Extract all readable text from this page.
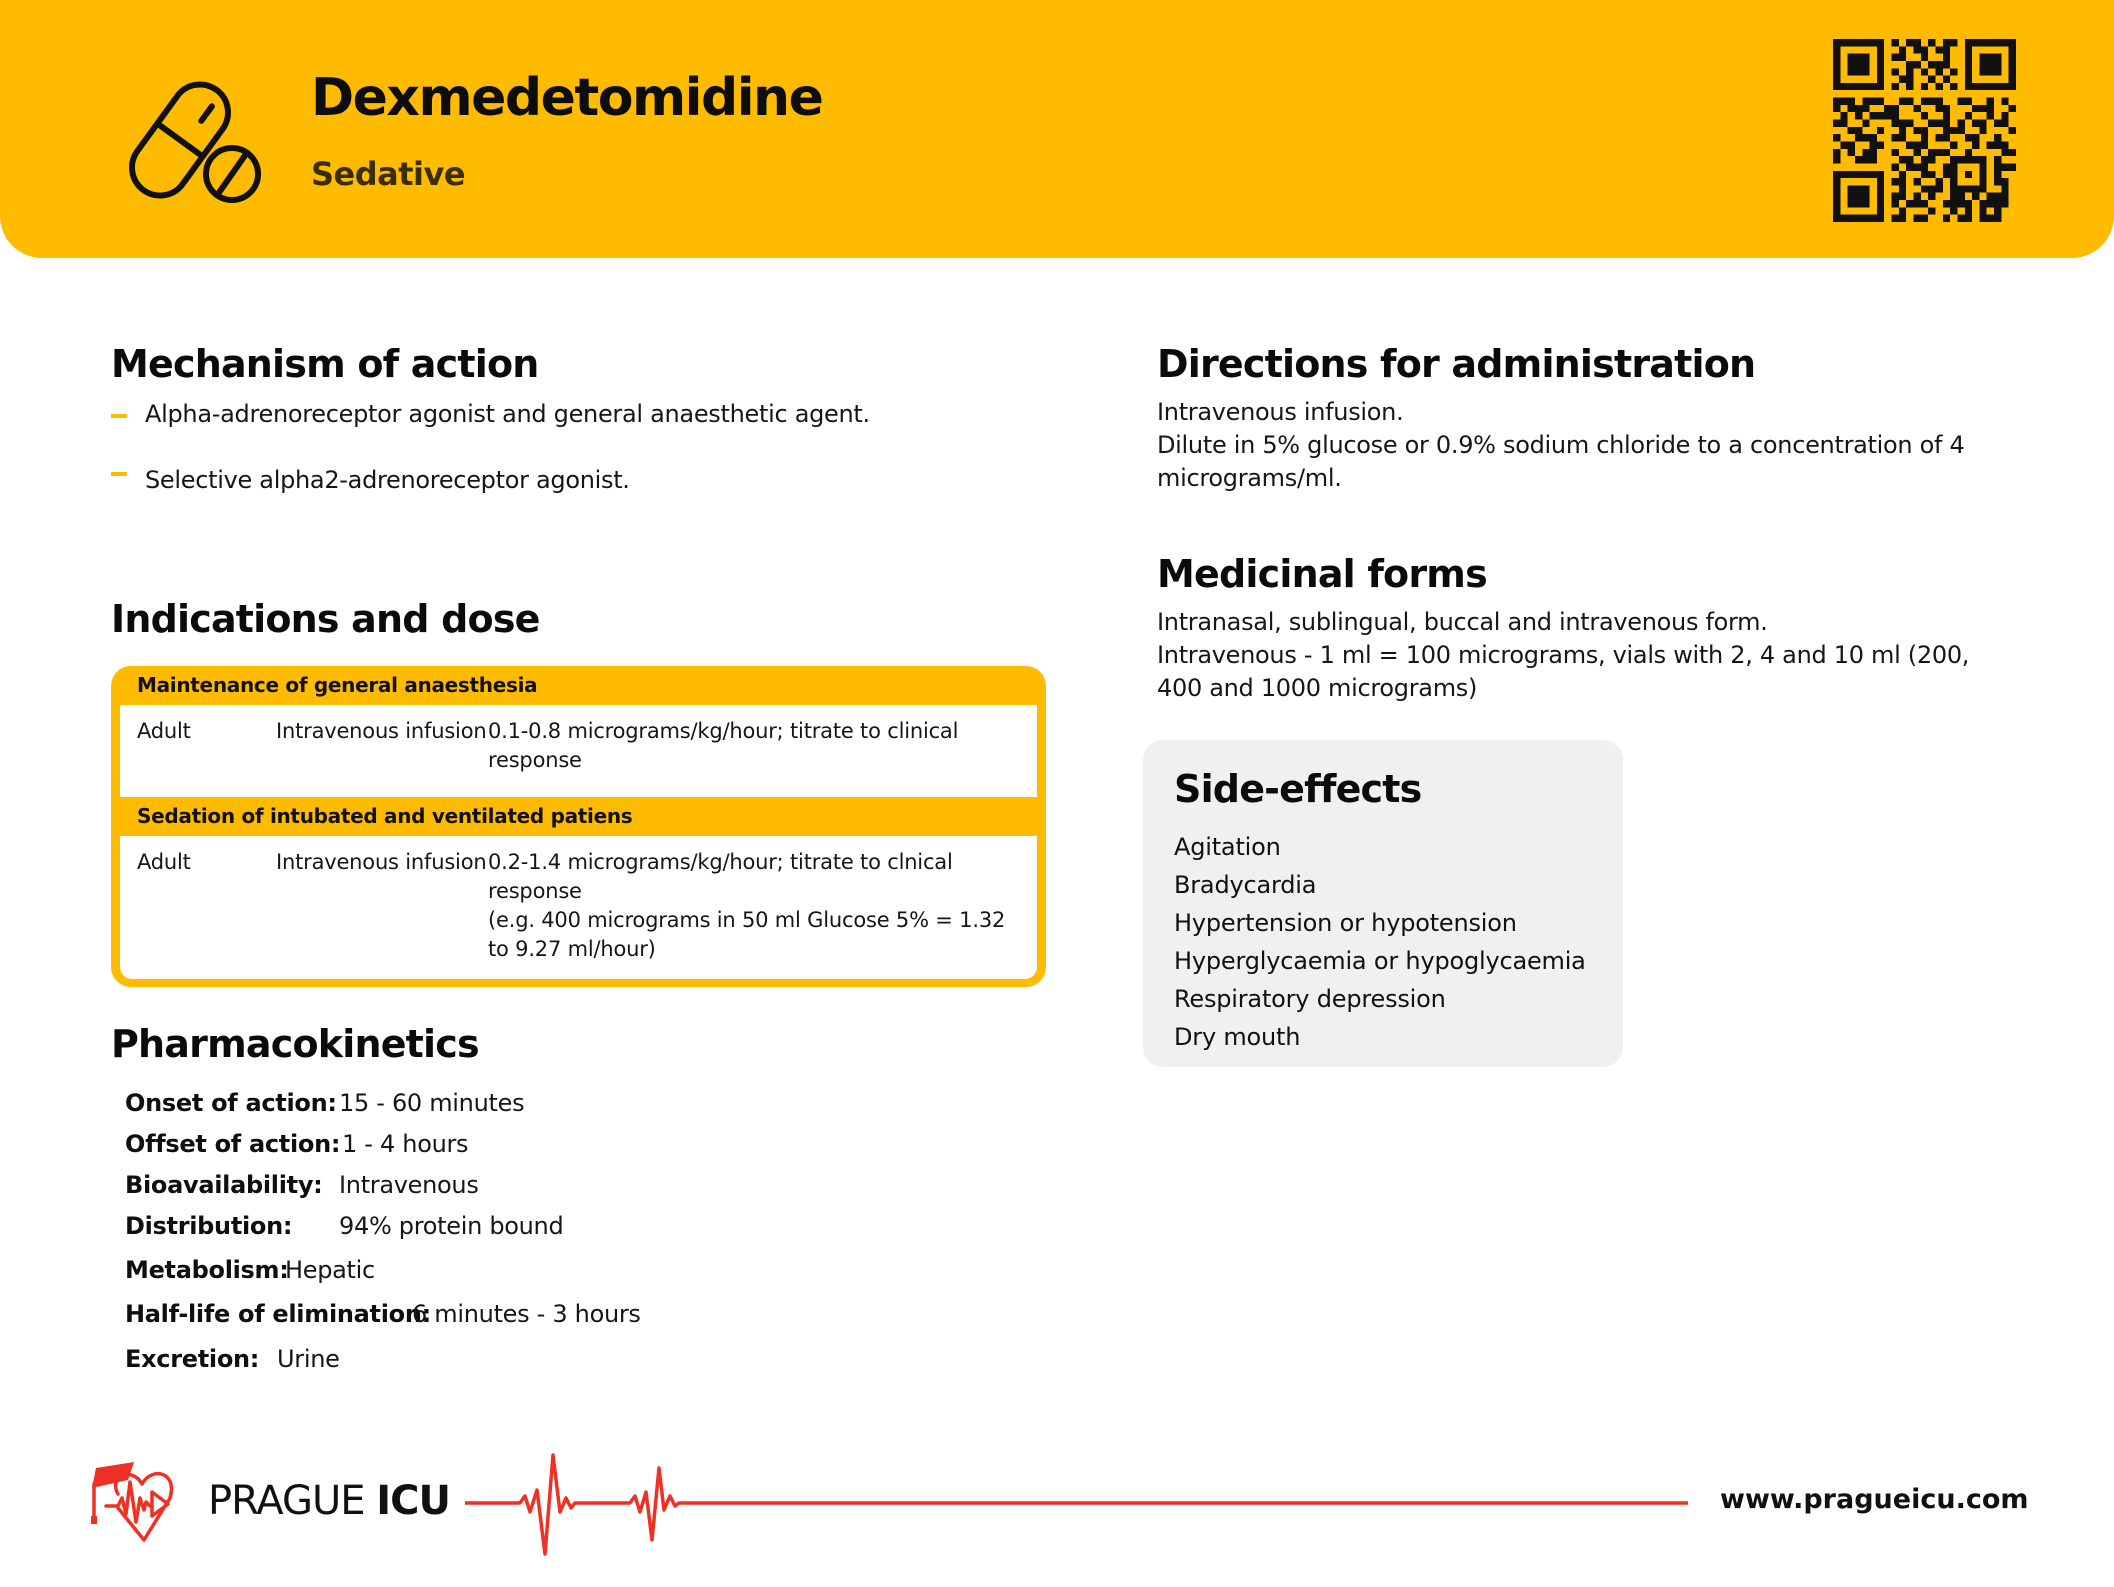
Dexmedetomidine
Sedative
Mechanism of action
Alpha-adrenoreceptor agonist and general anaesthetic agent.
Selective alpha2-adrenoreceptor agonist.
Indications and dose
Maintenance of general anaesthesia
Adult	Intravenous infusion 0.1-0.8 micrograms/kg/hour; titrate to clinical response
Sedation of intubated and ventilated patiens
Adult	Intravenous infusion 0.2-1.4 micrograms/kg/hour; titrate to clnical response
(e.g. 400 micrograms in 50 ml Glucose 5% = 1.32 to 9.27 ml/hour)
Pharmacokinetics
Onset of action: 15 - 60 minutes
Offset of action: 1 - 4 hours
Bioavailability: Intravenous
Distribution: 94% protein bound
Metabolism:
Hepatic
Half-life of elimination:
6 minutes - 3 hours
Excretion: Urine
Directions for administration
Intravenous infusion.
Dilute in 5% glucose or 0.9% sodium chloride to a concentration of 4
micrograms/ml.
Medicinal forms
Intranasal, sublingual, buccal and intravenous form.
Intravenous - 1 ml = 100 micrograms, vials with 2, 4 and 10 ml (200,
400 and 1000 micrograms)
Side-effects
Agitation
Bradycardia
Hypertension or hypotension
Hyperglycaemia or hypoglycaemia
Respiratory depression
Dry mouth
PRAGUE ICU	www.pragueicu.com
